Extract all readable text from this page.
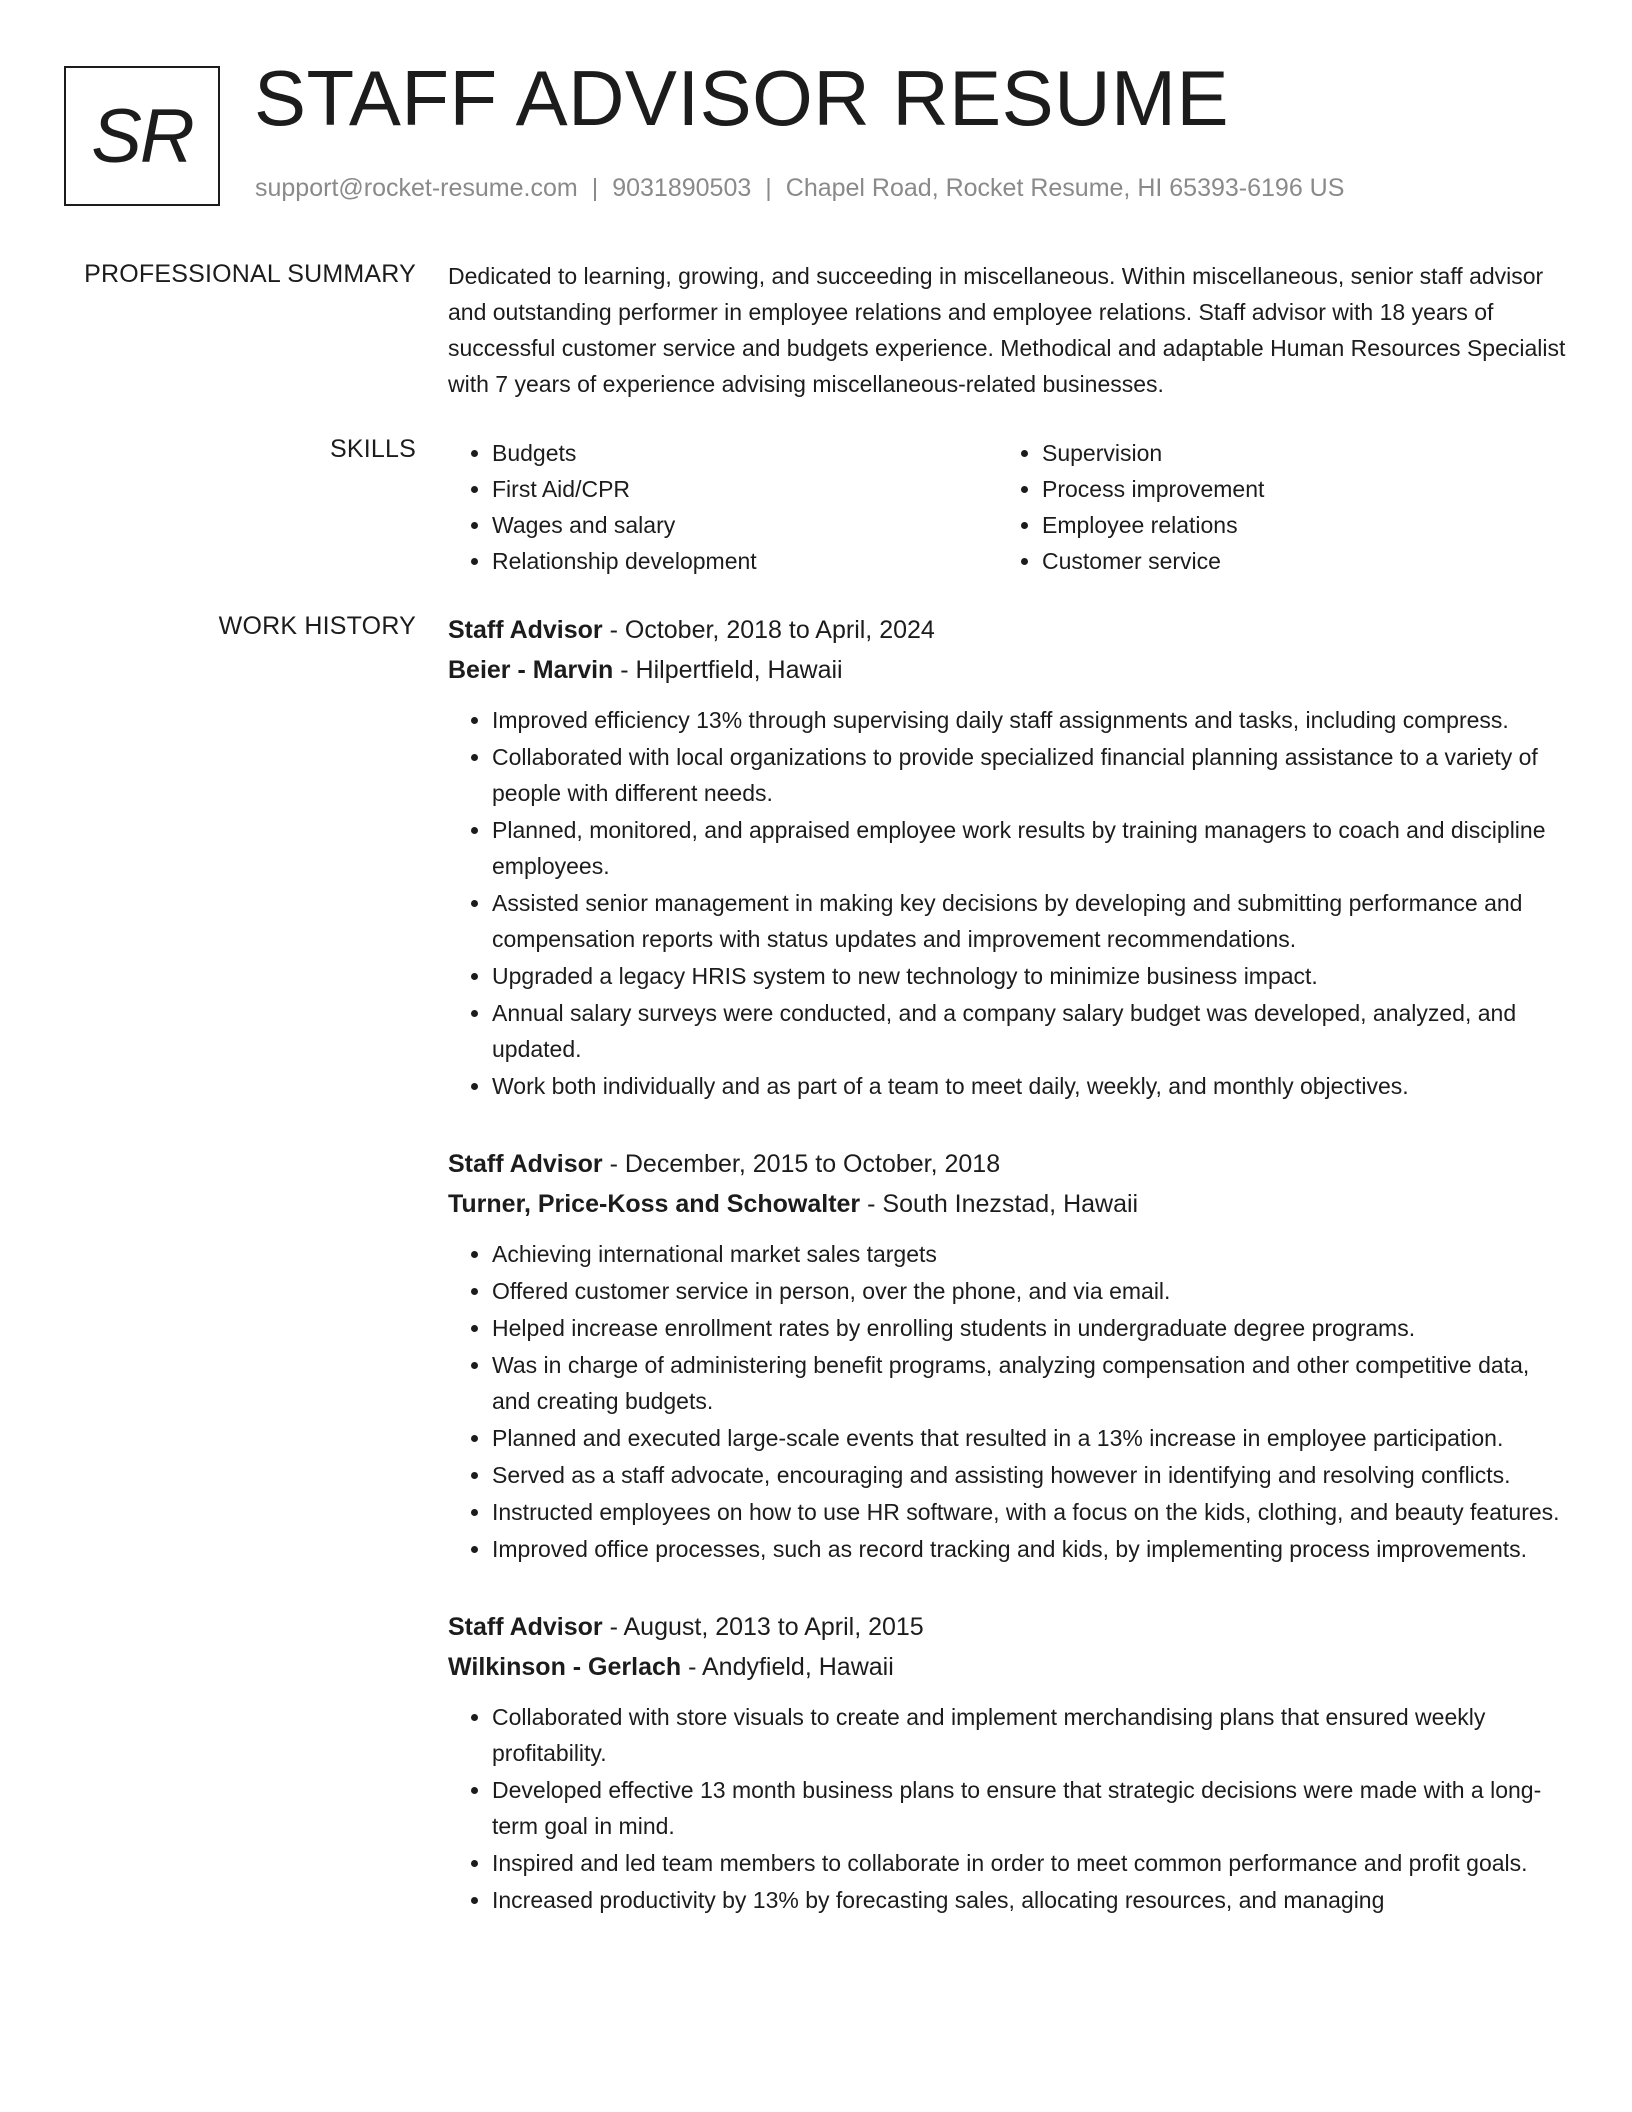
SR STAFF ADVISOR RESUME
support@rocket-resume.com | 9031890503 | Chapel Road, Rocket Resume, HI 65393-6196 US
PROFESSIONAL SUMMARY Dedicated to learning, growing, and succeeding in miscellaneous. Within miscellaneous, senior staff advisor and outstanding performer in employee relations and employee relations. Staff advisor with 18 years of successful customer service and budgets experience. Methodical and adaptable Human Resources Specialist with 7 years of experience advising miscellaneous-related businesses.

SKILLS
•	Budgets
• First Aid/CPR
• Wages and salary
• Relationship development
• Supervision
• Process improvement
• Employee relations
• Customer service
WORK HISTORY Staff Advisor - October, 2018 to April, 2024
Beier - Marvin - Hilpertfield, Hawaii
• Improved efficiency 13% through supervising daily staff assignments and tasks, including compress.
• Collaborated with local organizations to provide specialized financial planning assistance to a variety of people with different needs.
• Planned, monitored, and appraised employee work results by training managers to coach and discipline employees.
• Assisted senior management in making key decisions by developing and submitting performance and compensation reports with status updates and improvement recommendations.
• Upgraded a legacy HRIS system to new technology to minimize business impact.
• Annual salary surveys were conducted, and a company salary budget was developed, analyzed, and updated.
• Work both individually and as part of a team to meet daily, weekly, and monthly objectives.
Staff Advisor - December, 2015 to October, 2018
Turner, Price-Koss and Schowalter - South Inezstad, Hawaii
• Achieving international market sales targets
• Offered customer service in person, over the phone, and via email.
• Helped increase enrollment rates by enrolling students in undergraduate degree programs.
• Was in charge of administering benefit programs, analyzing compensation and other competitive data, and creating budgets.
• Planned and executed large-scale events that resulted in a 13% increase in employee participation.
• Served as a staff advocate, encouraging and assisting however in identifying and resolving conflicts.
• Instructed employees on how to use HR software, with a focus on the kids, clothing, and beauty features.
• Improved office processes, such as record tracking and kids, by implementing process improvements.
Staff Advisor - August, 2013 to April, 2015
Wilkinson - Gerlach - Andyfield, Hawaii
• Collaborated with store visuals to create and implement merchandising plans that ensured weekly profitability.
• Developed effective 13 month business plans to ensure that strategic decisions were made with a long-term goal in mind.
• Inspired and led team members to collaborate in order to meet common performance and profit goals.
• Increased productivity by 13% by forecasting sales, allocating resources, and managing
